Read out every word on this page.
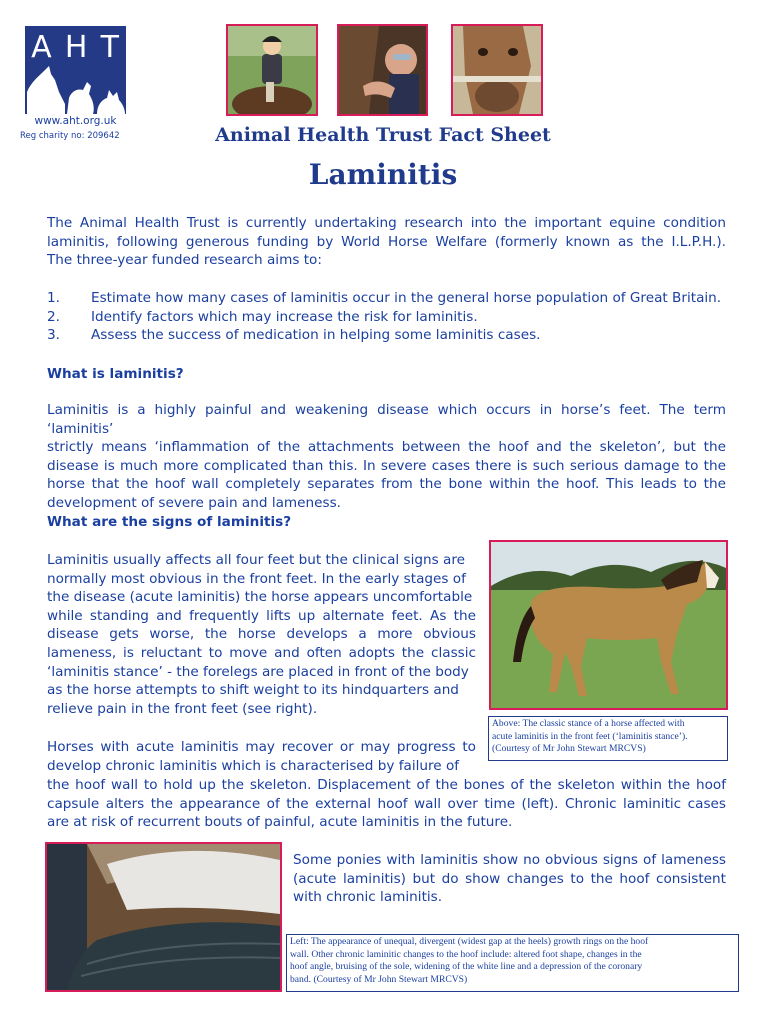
A H T
www.aht.org.uk
Reg charity no: 209642	Animal Health Trust Fact Sheet
Laminitis
The Animal Health Trust is currently undertaking research into the important equine condition
laminitis, following generous funding by World Horse Welfare (formerly known as the I.L.P.H.).
The three-year funded research aims to:
1.	Estimate how many cases of laminitis occur in the general horse population of Great Britain.
2.	Identify factors which may increase the risk for laminitis.
3.	Assess the success of medication in helping some laminitis cases.
What is laminitis?
Laminitis is a highly painful and weakening disease which occurs in horse’s feet. The term ‘laminitis’
strictly means ‘inflammation of the attachments between the hoof and the skeleton’, but the
disease is much more complicated than this. In severe cases there is such serious damage to the
horse that the hoof wall completely separates from the bone within the hoof. This leads to the
development of severe pain and lameness.
What are the signs of laminitis?
Laminitis usually affects all four feet but the clinical signs are
normally most obvious in the front feet. In the early stages of
the disease (acute laminitis) the horse appears uncomfortable
while standing and frequently lifts up alternate feet. As the
disease gets worse, the horse develops a more obvious
lameness, is reluctant to move and often adopts the classic
‘laminitis stance’ - the forelegs are placed in front of the body
as the horse attempts to shift weight to its hindquarters and
relieve pain in the front feet (see right).
Above: The classic stance of a horse affected with
acute laminitis in the front feet (‘laminitis stance’).
(Courtesy of Mr John Stewart MRCVS)
Horses with acute laminitis may recover or may progress to
develop chronic laminitis which is characterised by failure of
the hoof wall to hold up the skeleton. Displacement of the bones of the skeleton within the hoof
capsule alters the appearance of the external hoof wall over time (left). Chronic laminitic cases
are at risk of recurrent bouts of painful, acute laminitis in the future.
Some ponies with laminitis show no obvious signs of lameness
(acute laminitis) but do show changes to the hoof consistent
with chronic laminitis.
Left: The appearance of unequal, divergent (widest gap at the heels) growth rings on the hoof
wall. Other chronic laminitic changes to the hoof include: altered foot shape, changes in the
hoof angle, bruising of the sole, widening of the white line and a depression of the coronary
band. (Courtesy of Mr John Stewart MRCVS)
